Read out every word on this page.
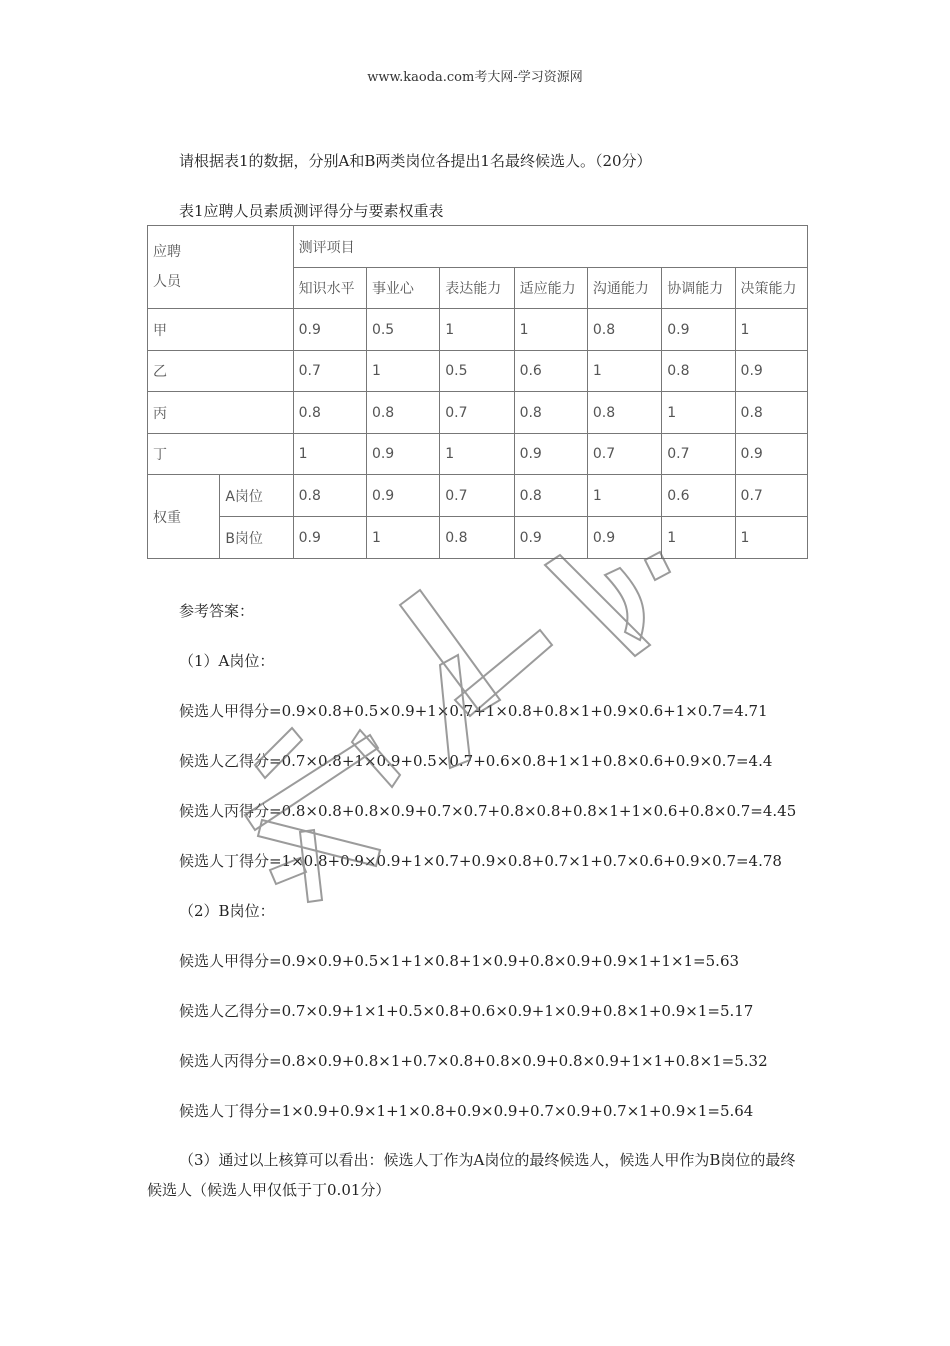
www.kaoda.com考大网-学习资源网
请根据表1的数据，分别A和B两类岗位各提出1名最终候选人。（20分）
表1应聘人员素质测评得分与要素权重表
应聘
人员		测评项目						
		知识水平	事业心	表达能力	适应能力	沟通能力	协调能力	决策能力
甲		0.9	0.5	1	1	0.8	0.9	1
乙		0.7	1	0.5	0.6	1	0.8	0.9
丙		0.8	0.8	0.7	0.8	0.8	1	0.8
丁		1	0.9	1	0.9	0.7	0.7	0.9
权重	A岗位	0.8	0.9	0.7	0.8	1	0.6	0.7
	B岗位	0.9	1	0.8	0.9	0.9	1	1
参考答案：
（1）A岗位：
候选人甲得分=0.9×0.8+0.5×0.9+1×0.7+1×0.8+0.8×1+0.9×0.6+1×0.7=4.71
候选人乙得分=0.7×0.8+1×0.9+0.5×0.7+0.6×0.8+1×1+0.8×0.6+0.9×0.7=4.4
候选人丙得分=0.8×0.8+0.8×0.9+0.7×0.7+0.8×0.8+0.8×1+1×0.6+0.8×0.7=4.45
候选人丁得分=1×0.8+0.9×0.9+1×0.7+0.9×0.8+0.7×1+0.7×0.6+0.9×0.7=4.78
（2）B岗位：
候选人甲得分=0.9×0.9+0.5×1+1×0.8+1×0.9+0.8×0.9+0.9×1+1×1=5.63
候选人乙得分=0.7×0.9+1×1+0.5×0.8+0.6×0.9+1×0.9+0.8×1+0.9×1=5.17
候选人丙得分=0.8×0.9+0.8×1+0.7×0.8+0.8×0.9+0.8×0.9+1×1+0.8×1=5.32
候选人丁得分=1×0.9+0.9×1+1×0.8+0.9×0.9+0.7×0.9+0.7×1+0.9×1=5.64
（3）通过以上核算可以看出：候选人丁作为A岗位的最终候选人，候选人甲作为B岗位的最终候选人（候选人甲仅低于丁0.01分）
考大网
